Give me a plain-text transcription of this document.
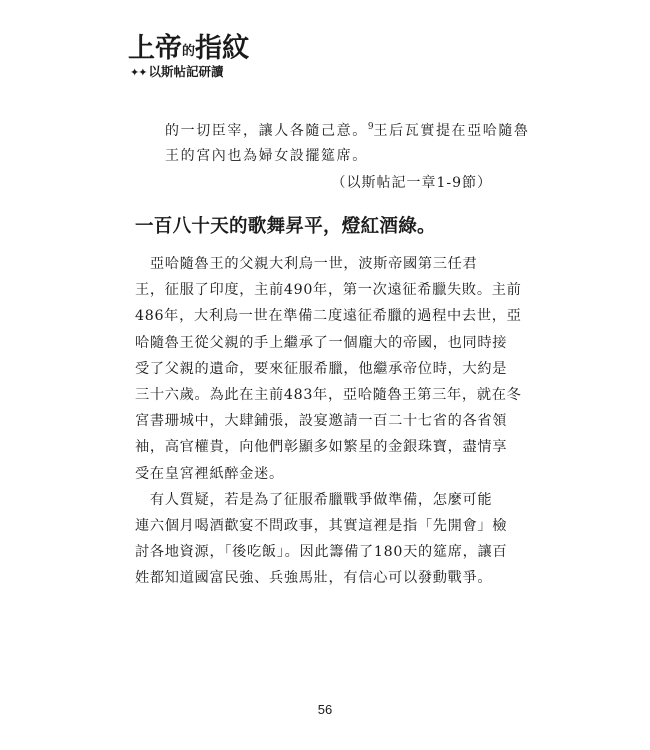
上帝的指紋
✦✦ 以斯帖記研讀
的一切臣宰，讓人各隨己意。$^9$王后瓦實提在亞哈隨魯
王的宮內也為婦女設擺筵席。
（以斯帖記一章1-9節）
一百八十天的歌舞昇平，燈紅酒綠。
　亞哈隨魯王的父親大利烏一世，波斯帝國第三任君
王，征服了印度，主前490年，第一次遠征希臘失敗。主前
486年，大利烏一世在準備二度遠征希臘的過程中去世，亞
哈隨魯王從父親的手上繼承了一個龐大的帝國，也同時接
受了父親的遺命，要來征服希臘，他繼承帝位時，大約是
三十六歲。為此在主前483年，亞哈隨魯王第三年，就在冬
宮書珊城中，大肆鋪張，設宴邀請一百二十七省的各省領
袖，高官權貴，向他們彰顯多如繁星的金銀珠寶，盡情享
受在皇宮裡紙醉金迷。
　有人質疑，若是為了征服希臘戰爭做準備，怎麼可能
連六個月喝酒歡宴不問政事，其實這裡是指「先開會」檢
討各地資源，「後吃飯」。因此籌備了180天的筵席，讓百
姓都知道國富民強、兵強馬壯，有信心可以發動戰爭。
56
